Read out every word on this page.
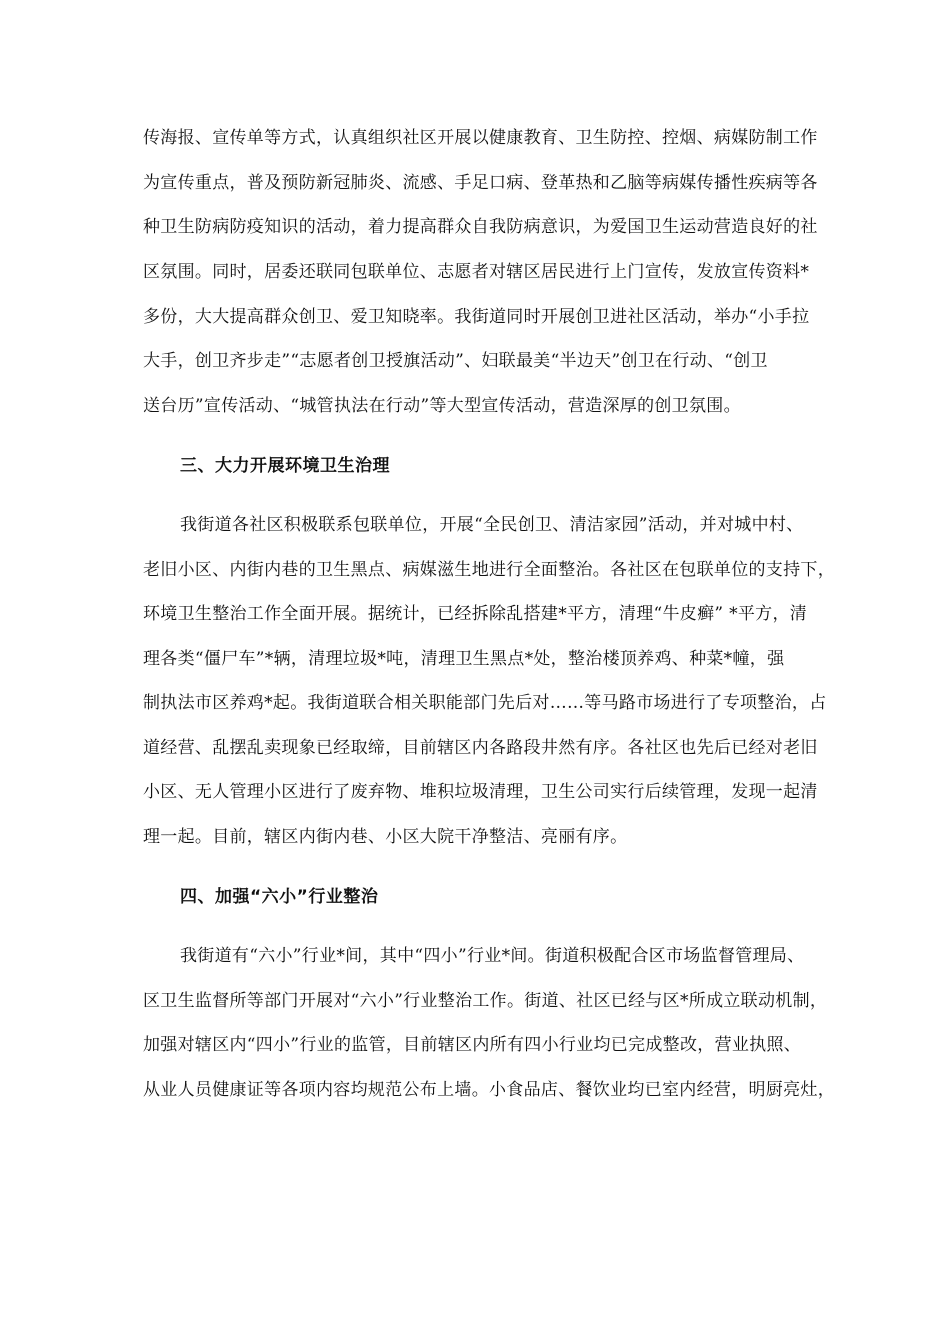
传海报、宣传单等方式，认真组织社区开展以健康教育、卫生防控、控烟、病媒防制工作
为宣传重点，普及预防新冠肺炎、流感、手足口病、登革热和乙脑等病媒传播性疾病等各
种卫生防病防疫知识的活动，着力提高群众自我防病意识，为爱国卫生运动营造良好的社
区氛围。同时，居委还联同包联单位、志愿者对辖区居民进行上门宣传，发放宣传资料*
多份，大大提高群众创卫、爱卫知晓率。我街道同时开展创卫进社区活动，举办“小手拉
大手，创卫齐步走”“志愿者创卫授旗活动”、妇联最美“半边天”创卫在行动、“创卫
送台历”宣传活动、“城管执法在行动”等大型宣传活动，营造深厚的创卫氛围。
三、大力开展环境卫生治理
我街道各社区积极联系包联单位，开展“全民创卫、清洁家园”活动，并对城中村、
老旧小区、内街内巷的卫生黑点、病媒滋生地进行全面整治。各社区在包联单位的支持下，
环境卫生整治工作全面开展。据统计，已经拆除乱搭建*平方，清理“牛皮癣” *平方，清
理各类“僵尸车”*辆，清理垃圾*吨，清理卫生黑点*处，整治楼顶养鸡、种菜*幢，强
制执法市区养鸡*起。我街道联合相关职能部门先后对……等马路市场进行了专项整治，占
道经营、乱摆乱卖现象已经取缔，目前辖区内各路段井然有序。各社区也先后已经对老旧
小区、无人管理小区进行了废弃物、堆积垃圾清理，卫生公司实行后续管理，发现一起清
理一起。目前，辖区内街内巷、小区大院干净整洁、亮丽有序。
四、加强“六小”行业整治
我街道有“六小”行业*间，其中“四小”行业*间。街道积极配合区市场监督管理局、
区卫生监督所等部门开展对“六小”行业整治工作。街道、社区已经与区*所成立联动机制，
加强对辖区内“四小”行业的监管，目前辖区内所有四小行业均已完成整改，营业执照、
从业人员健康证等各项内容均规范公布上墙。小食品店、餐饮业均已室内经营，明厨亮灶，
